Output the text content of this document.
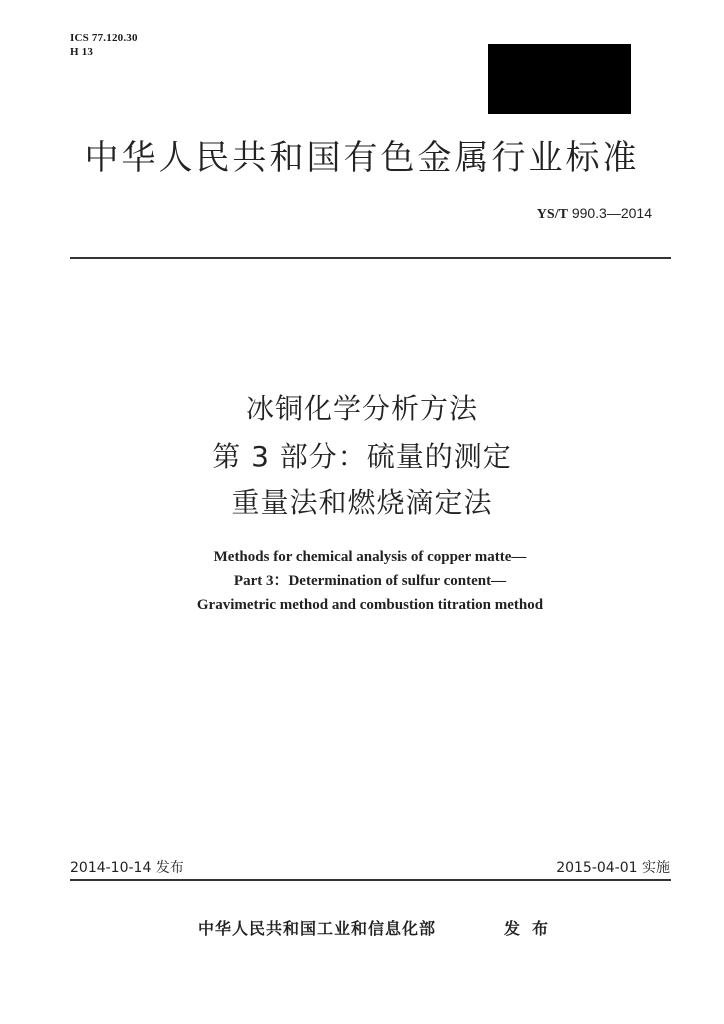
ICS 77.120.30
H 13
中华人民共和国有色金属行业标准
YS/T 990.3—2014
冰铜化学分析方法
第 3 部分：硫量的测定
重量法和燃烧滴定法
Methods for chemical analysis of copper matte—
Part 3：Determination of sulfur content—
Gravimetric method and combustion titration method
2014-10-14 发布	2015-04-01 实施
中华人民共和国工业和信息化部	发布
